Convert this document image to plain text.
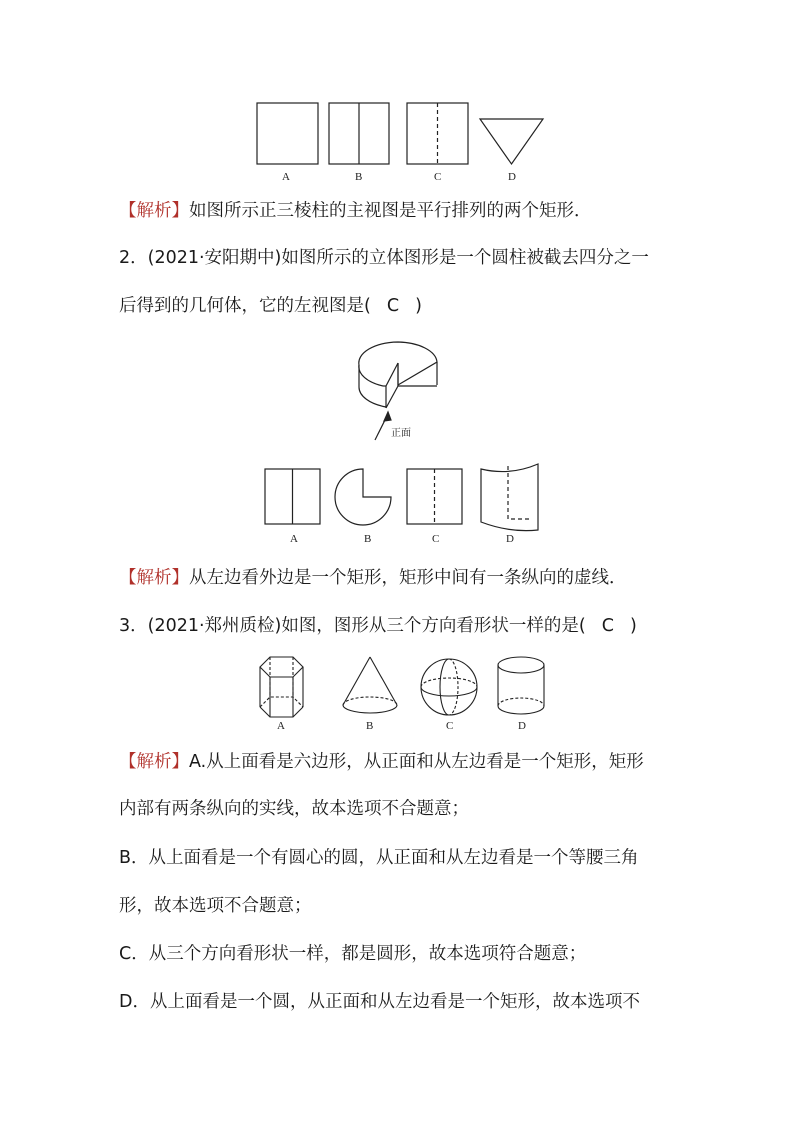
A	B	C	D
【解析】如图所示正三棱柱的主视图是平行排列的两个矩形．
2．(2021·安阳期中)如图所示的立体图形是一个圆柱被截去四分之一
后得到的几何体，它的左视图是( C )
正面
A	B	C	D
【解析】从左边看外边是一个矩形，矩形中间有一条纵向的虚线．
3．(2021·郑州质检)如图，图形从三个方向看形状一样的是( C )
A	B	C	D
【解析】A.从上面看是六边形，从正面和从左边看是一个矩形，矩形
内部有两条纵向的实线，故本选项不合题意；
B．从上面看是一个有圆心的圆，从正面和从左边看是一个等腰三角
形，故本选项不合题意；
C．从三个方向看形状一样，都是圆形，故本选项符合题意；
D．从上面看是一个圆，从正面和从左边看是一个矩形，故本选项不
